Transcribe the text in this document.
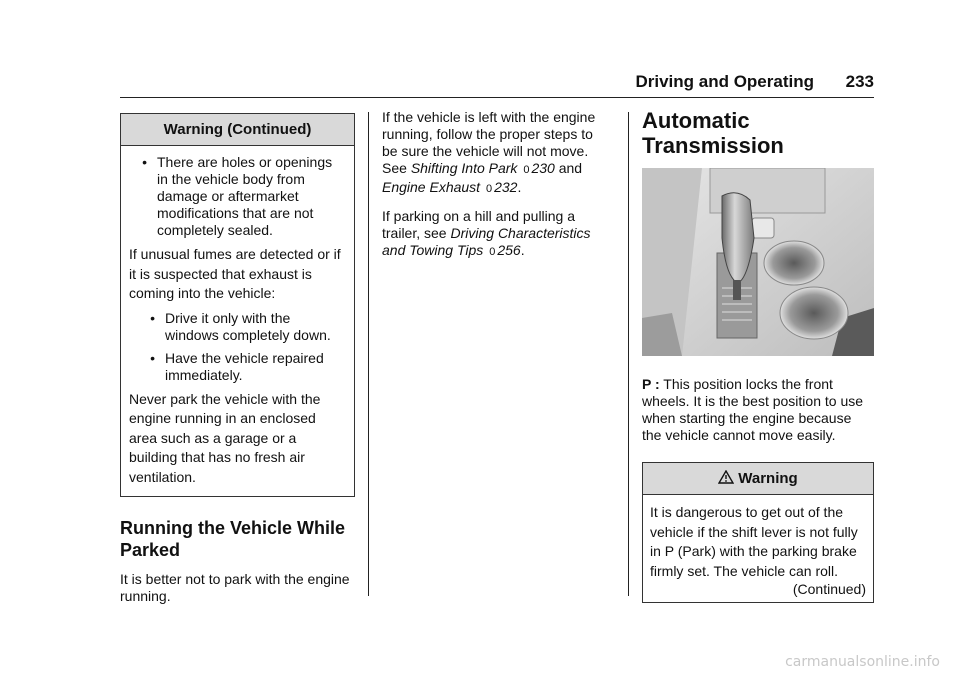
Driving and Operating 233
Warning (Continued)
• There are holes or openings in the vehicle body from damage or aftermarket modifications that are not completely sealed.

If unusual fumes are detected or if it is suspected that exhaust is coming into the vehicle:

• Drive it only with the windows completely down.
• Have the vehicle repaired immediately.

Never park the vehicle with the engine running in an enclosed area such as a garage or a building that has no fresh air ventilation.

Running the Vehicle While Parked

It is better not to park with the engine running.

If the vehicle is left with the engine running, follow the proper steps to be sure the vehicle will not move. See Shifting Into Park 0 230 and Engine Exhaust 0 232.

If parking on a hill and pulling a trailer, see Driving Characteristics and Towing Tips 0 256.

Automatic Transmission

P : This position locks the front wheels. It is the best position to use when starting the engine because the vehicle cannot move easily.

Warning

It is dangerous to get out of the vehicle if the shift lever is not fully in P (Park) with the parking brake firmly set. The vehicle can roll.

(Continued)
carmanualsonline.info
